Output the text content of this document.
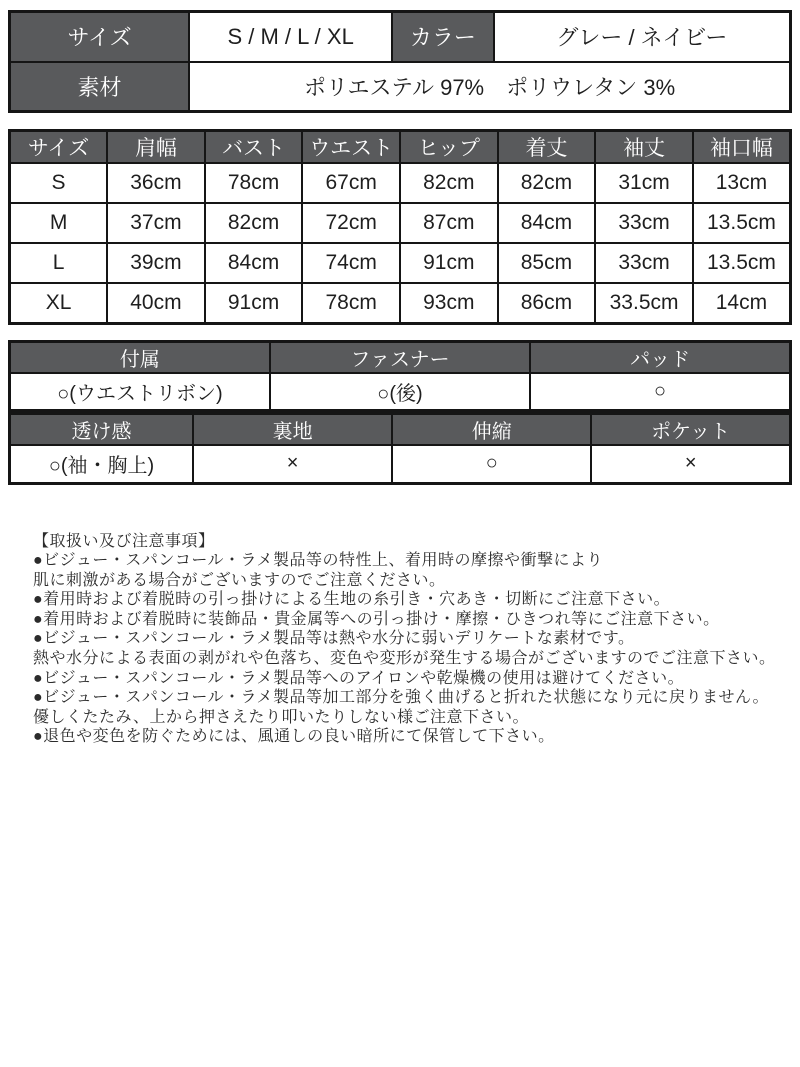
サイズ	S / M / L / XL	カラー	グレー / ネイビー
素材	ポリエステル 97%　ポリウレタン 3%		
サイズ	肩幅	バスト	ウエスト	ヒップ	着丈	袖丈	袖口幅
S	36cm	78cm	67cm	82cm	82cm	31cm	13cm
M	37cm	82cm	72cm	87cm	84cm	33cm	13.5cm
L	39cm	84cm	74cm	91cm	85cm	33cm	13.5cm
XL	40cm	91cm	78cm	93cm	86cm	33.5cm	14cm
付属	ファスナー	パッド
○(ウエストリボン)	○(後)	○
透け感	裏地	伸縮	ポケット
○(袖・胸上)	×	○	×
【取扱い及び注意事項】
●ビジュー・スパンコール・ラメ製品等の特性上、着用時の摩擦や衝撃により
肌に刺激がある場合がございますのでご注意ください。
●着用時および着脱時の引っ掛けによる生地の糸引き・穴あき・切断にご注意下さい。
●着用時および着脱時に装飾品・貴金属等への引っ掛け・摩擦・ひきつれ等にご注意下さい。
●ビジュー・スパンコール・ラメ製品等は熱や水分に弱いデリケートな素材です。
熱や水分による表面の剥がれや色落ち、変色や変形が発生する場合がございますのでご注意下さい。
●ビジュー・スパンコール・ラメ製品等へのアイロンや乾燥機の使用は避けてください。
●ビジュー・スパンコール・ラメ製品等加工部分を強く曲げると折れた状態になり元に戻りません。
優しくたたみ、上から押さえたり叩いたりしない様ご注意下さい。
●退色や変色を防ぐためには、風通しの良い暗所にて保管して下さい。
